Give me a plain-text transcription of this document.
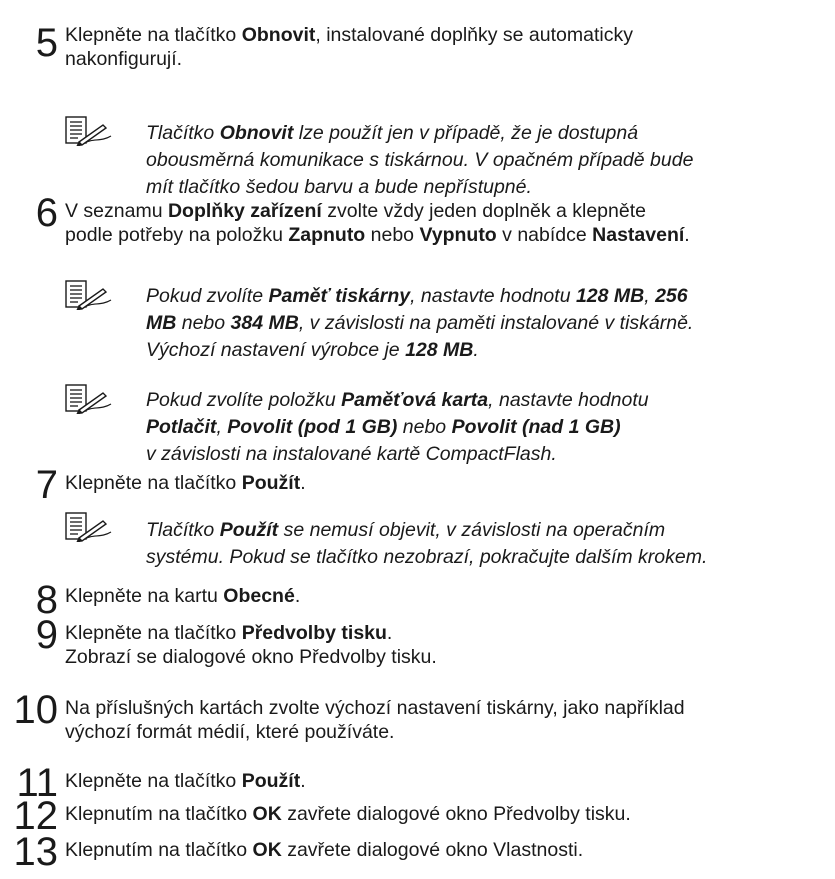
5 Klepněte na tlačítko Obnovit, instalované doplňky se automaticky
nakonfigurují.
Tlačítko Obnovit lze použít jen v případě, že je dostupná
obousměrná komunikace s tiskárnou. V opačném případě bude
mít tlačítko šedou barvu a bude nepřístupné.
6 V seznamu Doplňky zařízení zvolte vždy jeden doplněk a klepněte
podle potřeby na položku Zapnuto nebo Vypnuto v nabídce Nastavení.
Pokud zvolíte Paměť tiskárny, nastavte hodnotu 128 MB, 256
MB nebo 384 MB, v závislosti na paměti instalované v tiskárně.
Výchozí nastavení výrobce je 128 MB.
Pokud zvolíte položku Paměťová karta, nastavte hodnotu
Potlačit, Povolit (pod 1 GB) nebo Povolit (nad 1 GB)
v závislosti na instalované kartě CompactFlash.
7 Klepněte na tlačítko Použít.
Tlačítko Použít se nemusí objevit, v závislosti na operačním
systému. Pokud se tlačítko nezobrazí, pokračujte dalším krokem.
8 Klepněte na kartu Obecné.
9 Klepněte na tlačítko Předvolby tisku.
Zobrazí se dialogové okno Předvolby tisku.
10 Na příslušných kartách zvolte výchozí nastavení tiskárny, jako například
výchozí formát médií, které používáte.
11 Klepněte na tlačítko Použít.
12 Klepnutím na tlačítko OK zavřete dialogové okno Předvolby tisku.
13 Klepnutím na tlačítko OK zavřete dialogové okno Vlastnosti.
